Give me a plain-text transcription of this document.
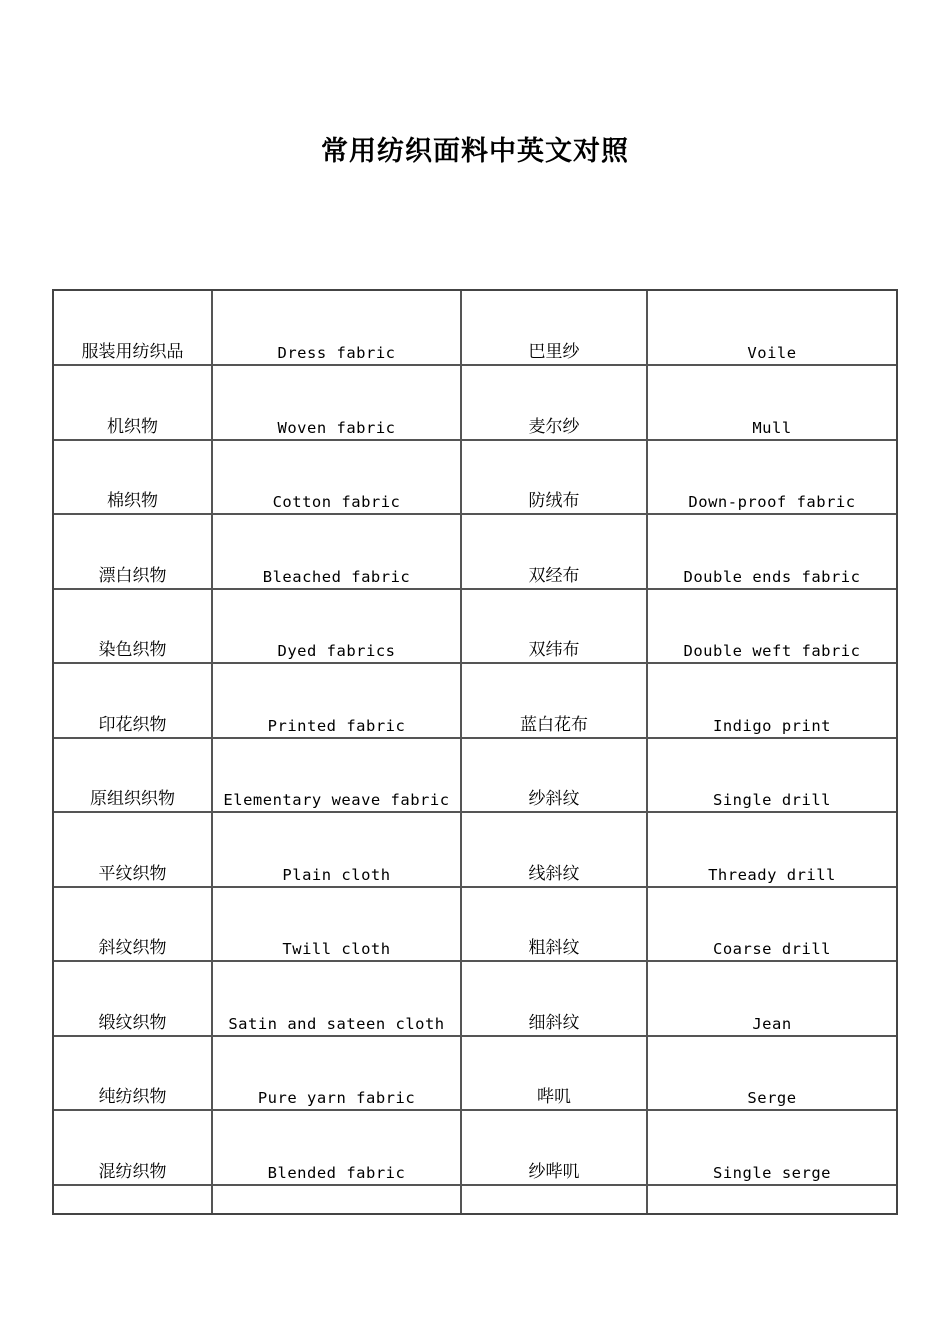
常用纺织面料中英文对照
服装用纺织品	Dress fabric	巴里纱	Voile
机织物	Woven fabric	麦尔纱	Mull
棉织物	Cotton fabric	防绒布	Down-proof fabric
漂白织物	Bleached fabric	双经布	Double ends fabric
染色织物	Dyed fabrics	双纬布	Double weft fabric
印花织物	Printed fabric	蓝白花布	Indigo print
原组织织物	Elementary weave fabric	纱斜纹	Single drill
平纹织物	Plain cloth	线斜纹	Thready drill
斜纹织物	Twill cloth	粗斜纹	Coarse drill
缎纹织物	Satin and sateen cloth	细斜纹	Jean
纯纺织物	Pure yarn fabric	哔叽	Serge
混纺织物	Blended fabric	纱哔叽	Single serge
